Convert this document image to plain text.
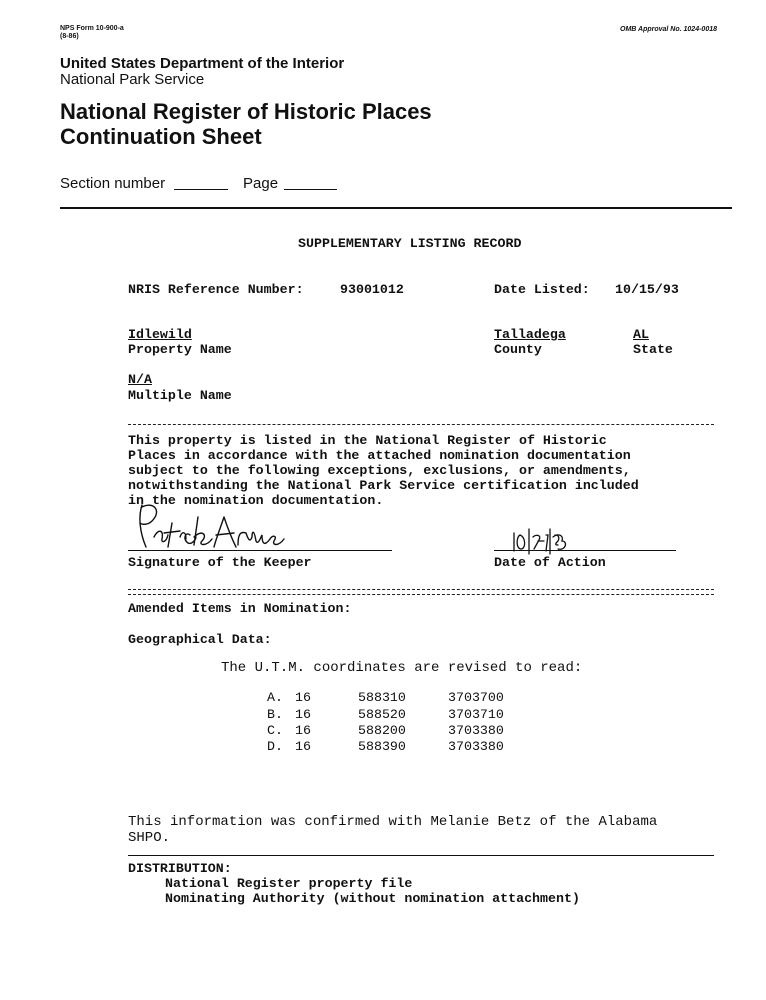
NPS Form 10-900-a
(8-86)
OMB Approval No. 1024-0018
United States Department of the Interior
National Park Service
National Register of Historic Places
Continuation Sheet
Section number	Page
SUPPLEMENTARY LISTING RECORD
NRIS Reference Number:	93001012	Date Listed: 10/15/93
Idlewild
Property Name
Talladega
County
AL
State
N/A
Multiple Name
This property is listed in the National Register of Historic
Places in accordance with the attached nomination documentation
subject to the following exceptions, exclusions, or amendments,
notwithstanding the National Park Service certification included
in the nomination documentation.
Signature of the Keeper	Date of Action
Amended Items in Nomination:
Geographical Data:
The U.T.M. coordinates are revised to read:
A. 16	588310	3703700
B. 16	588520	3703710
C. 16	588200	3703380
D. 16	588390	3703380
This information was confirmed with Melanie Betz of the Alabama
SHPO.
DISTRIBUTION:
National Register property file
Nominating Authority (without nomination attachment)
